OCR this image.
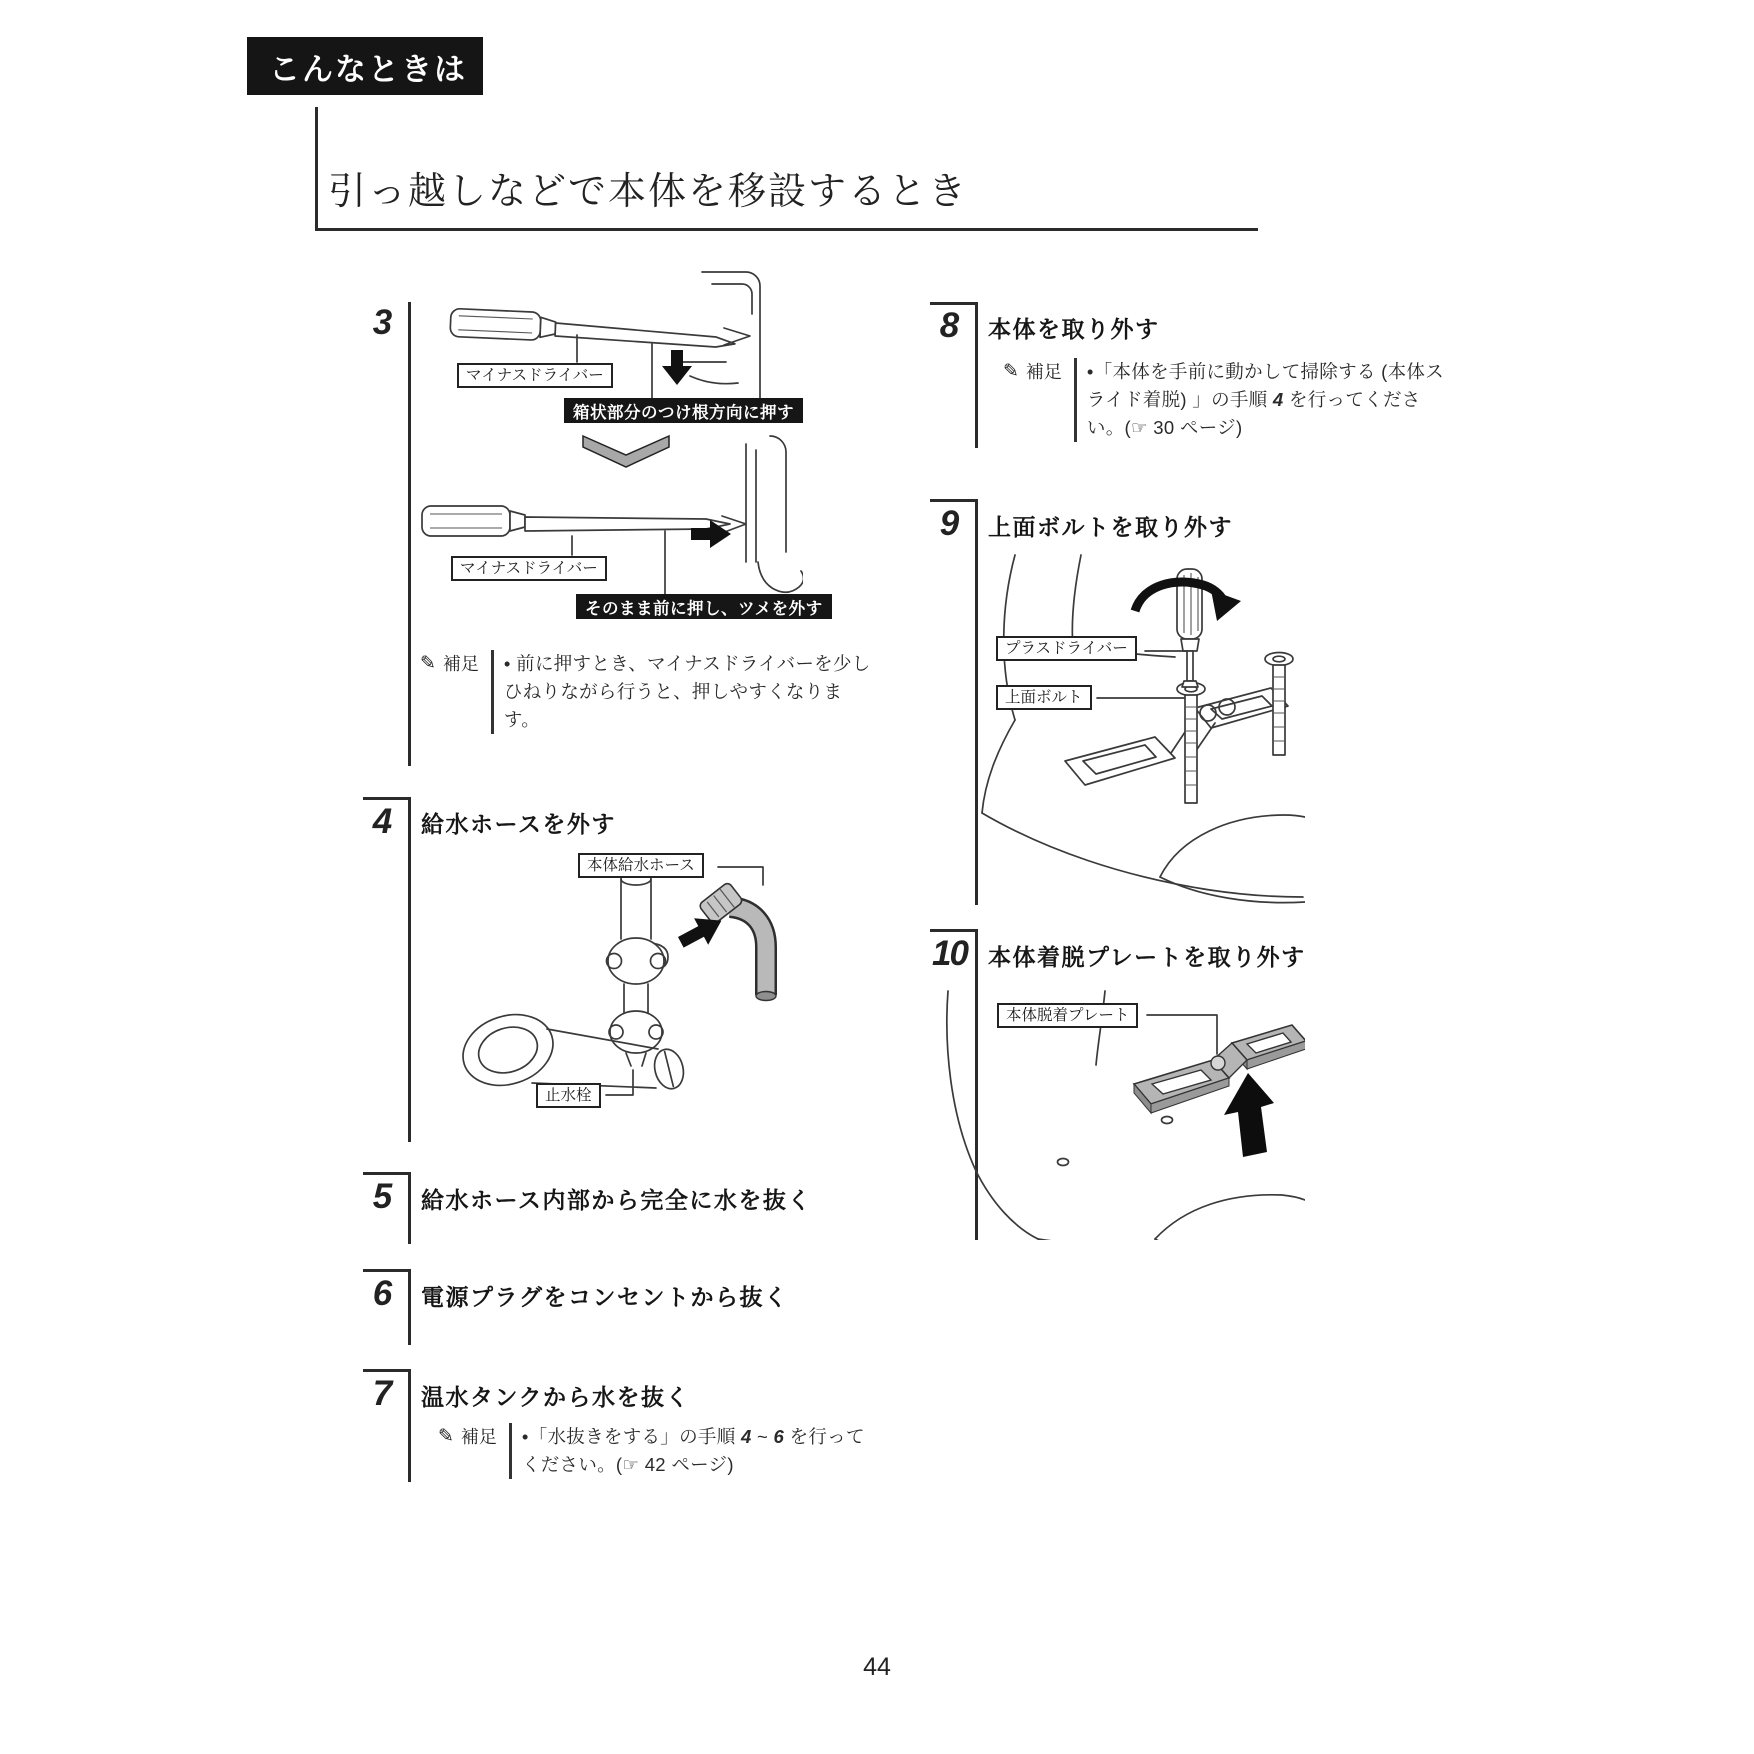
こんなときは
引っ越しなどで本体を移設するとき
3
マイナスドライバー
箱状部分のつけ根方向に押す
マイナスドライバー
そのまま前に押し、ツメを外す
✎ 補足 • 前に押すとき、マイナスドライバーを少し
ひねりながら行うと、押しやすくなりま
す。
4	給水ホースを外す
本体給水ホース
止水栓
5	給水ホース内部から完全に水を抜く
6	電源プラグをコンセントから抜く
7	温水タンクから水を抜く
✎ 補足 •「水抜きをする」の手順 4 ~ 6 を行って
ください。(☞ 42 ページ)
8	本体を取り外す
✎ 補足 •「本体を手前に動かして掃除する (本体ス
ライド着脱) 」の手順 4 を行ってくださ
い。(☞ 30 ページ)
9	上面ボルトを取り外す
プラスドライバー
上面ボルト
10 本体着脱プレートを取り外す
本体脱着プレート
44
